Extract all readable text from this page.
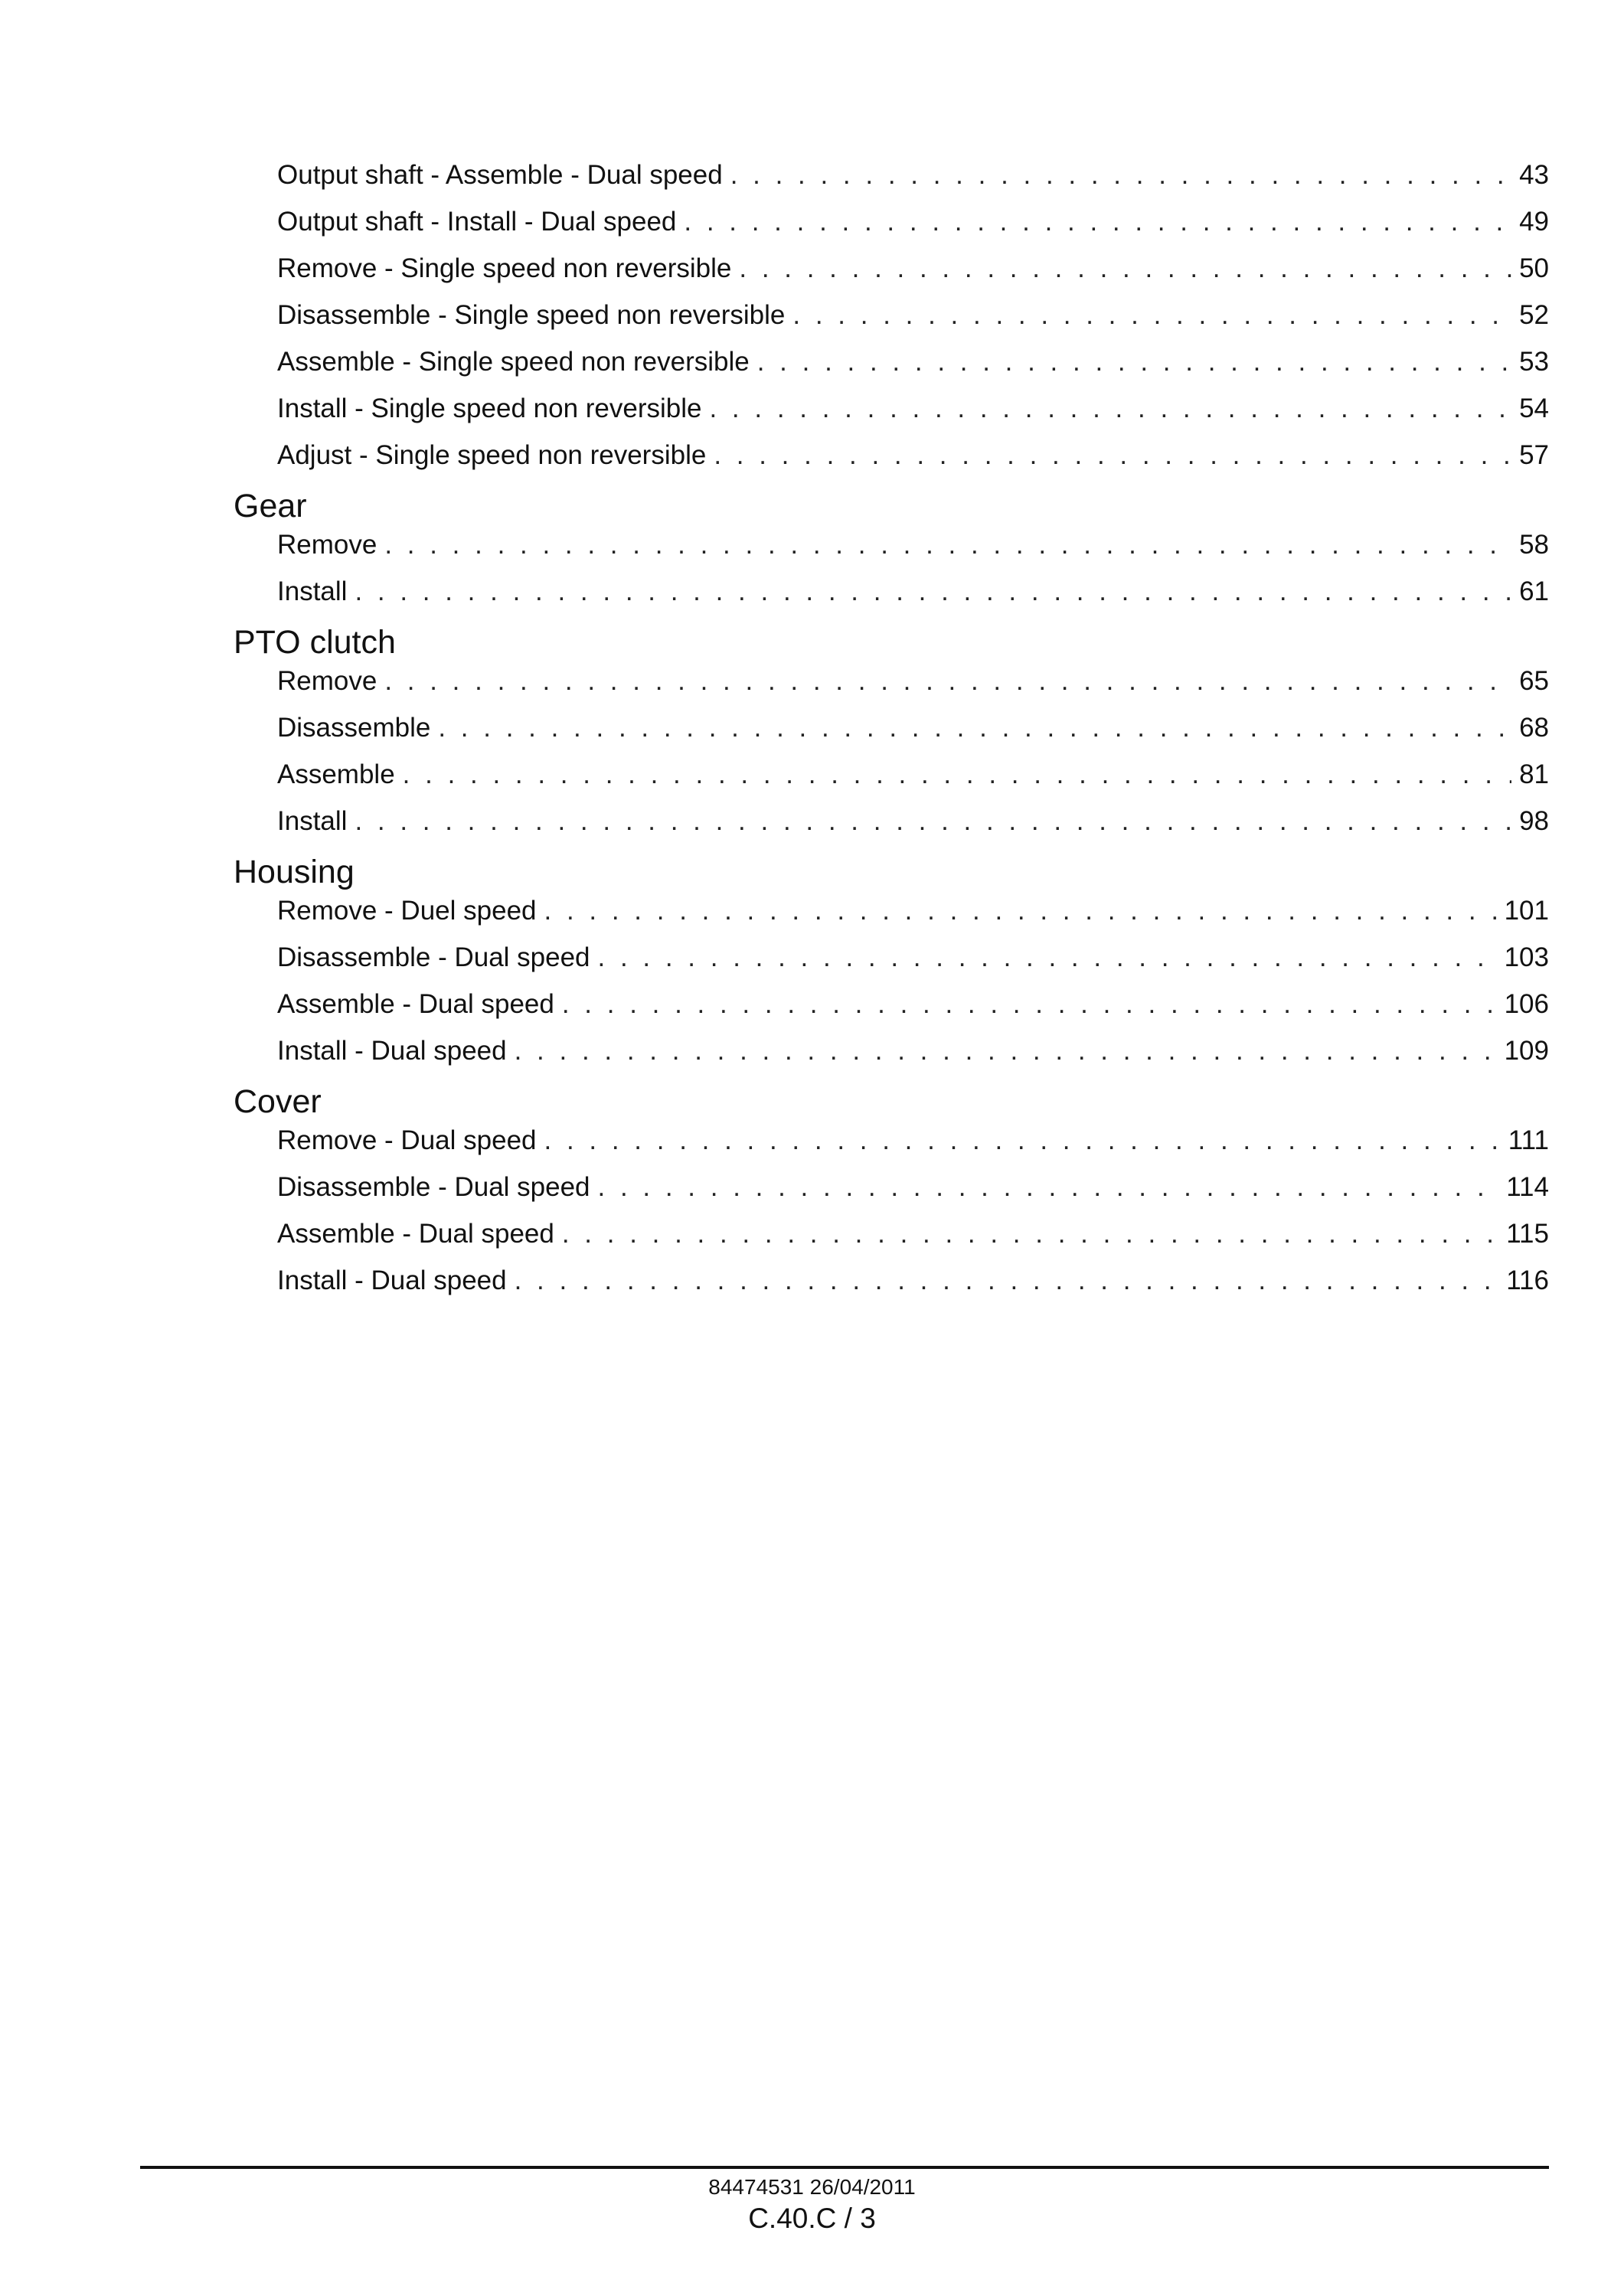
Output shaft - Assemble - Dual speed . . .	43
Output shaft - Install - Dual speed . . .	49
Remove - Single speed non reversible . . .	50
Disassemble - Single speed non reversible . . .	52
Assemble - Single speed non reversible . . .	53
Install - Single speed non reversible . . .	54
Adjust - Single speed non reversible . . .	57
Gear
Remove . . .	58
Install . . .	61
PTO clutch
Remove . . .	65
Disassemble . . .	68
Assemble . . .	81
Install . . .	98
Housing
Remove - Duel speed . . .	101
Disassemble - Dual speed . . .	103
Assemble - Dual speed . . .	106
Install - Dual speed . . .	109
Cover
Remove - Dual speed . . .	111
Disassemble - Dual speed . . .	114
Assemble - Dual speed . . .	115
Install - Dual speed . . .	116
84474531 26/04/2011
C.40.C / 3
